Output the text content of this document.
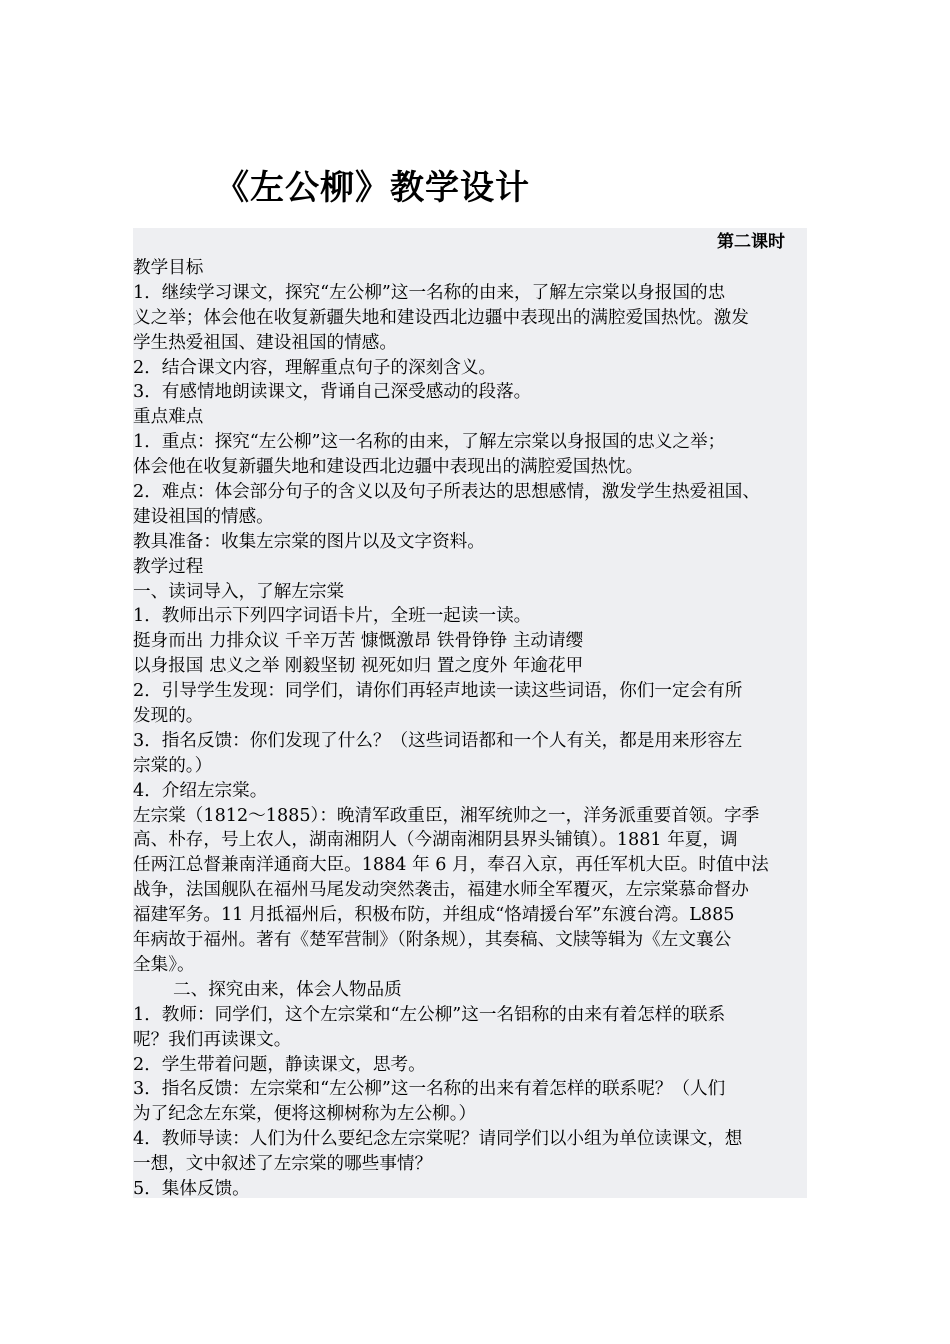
《左公柳》教学设计
第二课时
教学目标
1．继续学习课文，探究“左公柳”这一名称的由来，了解左宗棠以身报国的忠
义之举；体会他在收复新疆失地和建设西北边疆中表现出的满腔爱国热忱。激发
学生热爱祖国、建设祖国的情感。
2．结合课文内容，理解重点句子的深刻含义。
3．有感情地朗读课文，背诵自己深受感动的段落。
重点难点
1．重点：探究“左公柳”这一名称的由来，了解左宗棠以身报国的忠义之举；
体会他在收复新疆失地和建设西北边疆中表现出的满腔爱国热忱。
2．难点：体会部分句子的含义以及句子所表达的思想感情，激发学生热爱祖国、
建设祖国的情感。
教具准备：收集左宗棠的图片以及文字资料。
教学过程
一、读词导入，了解左宗棠
1．教师出示下列四字词语卡片，全班一起读一读。
挺身而出 力排众议 千辛万苦 慷慨激昂 铁骨铮铮 主动请缨
以身报国 忠义之举 刚毅坚韧 视死如归 置之度外 年逾花甲
2．引导学生发现：同学们，请你们再轻声地读一读这些词语，你们一定会有所
发现的。
3．指名反馈：你们发现了什么？（这些词语都和一个人有关，都是用来形容左
宗棠的。）
4．介绍左宗棠。
左宗棠（1812～1885）：晚清军政重臣，湘军统帅之一，洋务派重要首领。字季
高、朴存，号上农人，湖南湘阴人（今湖南湘阴县界头铺镇）。1881 年夏，调
任两江总督兼南洋通商大臣。1884 年 6 月，奉召入京，再任军机大臣。时值中法
战争，法国舰队在福州马尾发动突然袭击，福建水师全军覆灭，左宗棠慕命督办
福建军务。11 月抵福州后，积极布防，并组成“恪靖援台军”东渡台湾。L885
年病故于福州。著有《楚军营制》（附条规），其奏稿、文牍等辑为《左文襄公
全集》。
二、探究由来，体会人物品质
1．教师：同学们，这个左宗棠和“左公柳”这一名铝称的由来有着怎样的联系
呢？我们再读课文。
2．学生带着问题，静读课文，思考。
3．指名反馈：左宗棠和“左公柳”这一名称的出来有着怎样的联系呢？（人们
为了纪念左东棠，便将这柳树称为左公柳。）
4．教师导读：人们为什么要纪念左宗棠呢？请同学们以小组为单位读课文，想
一想，文中叙述了左宗棠的哪些事情？
5．集体反馈。
